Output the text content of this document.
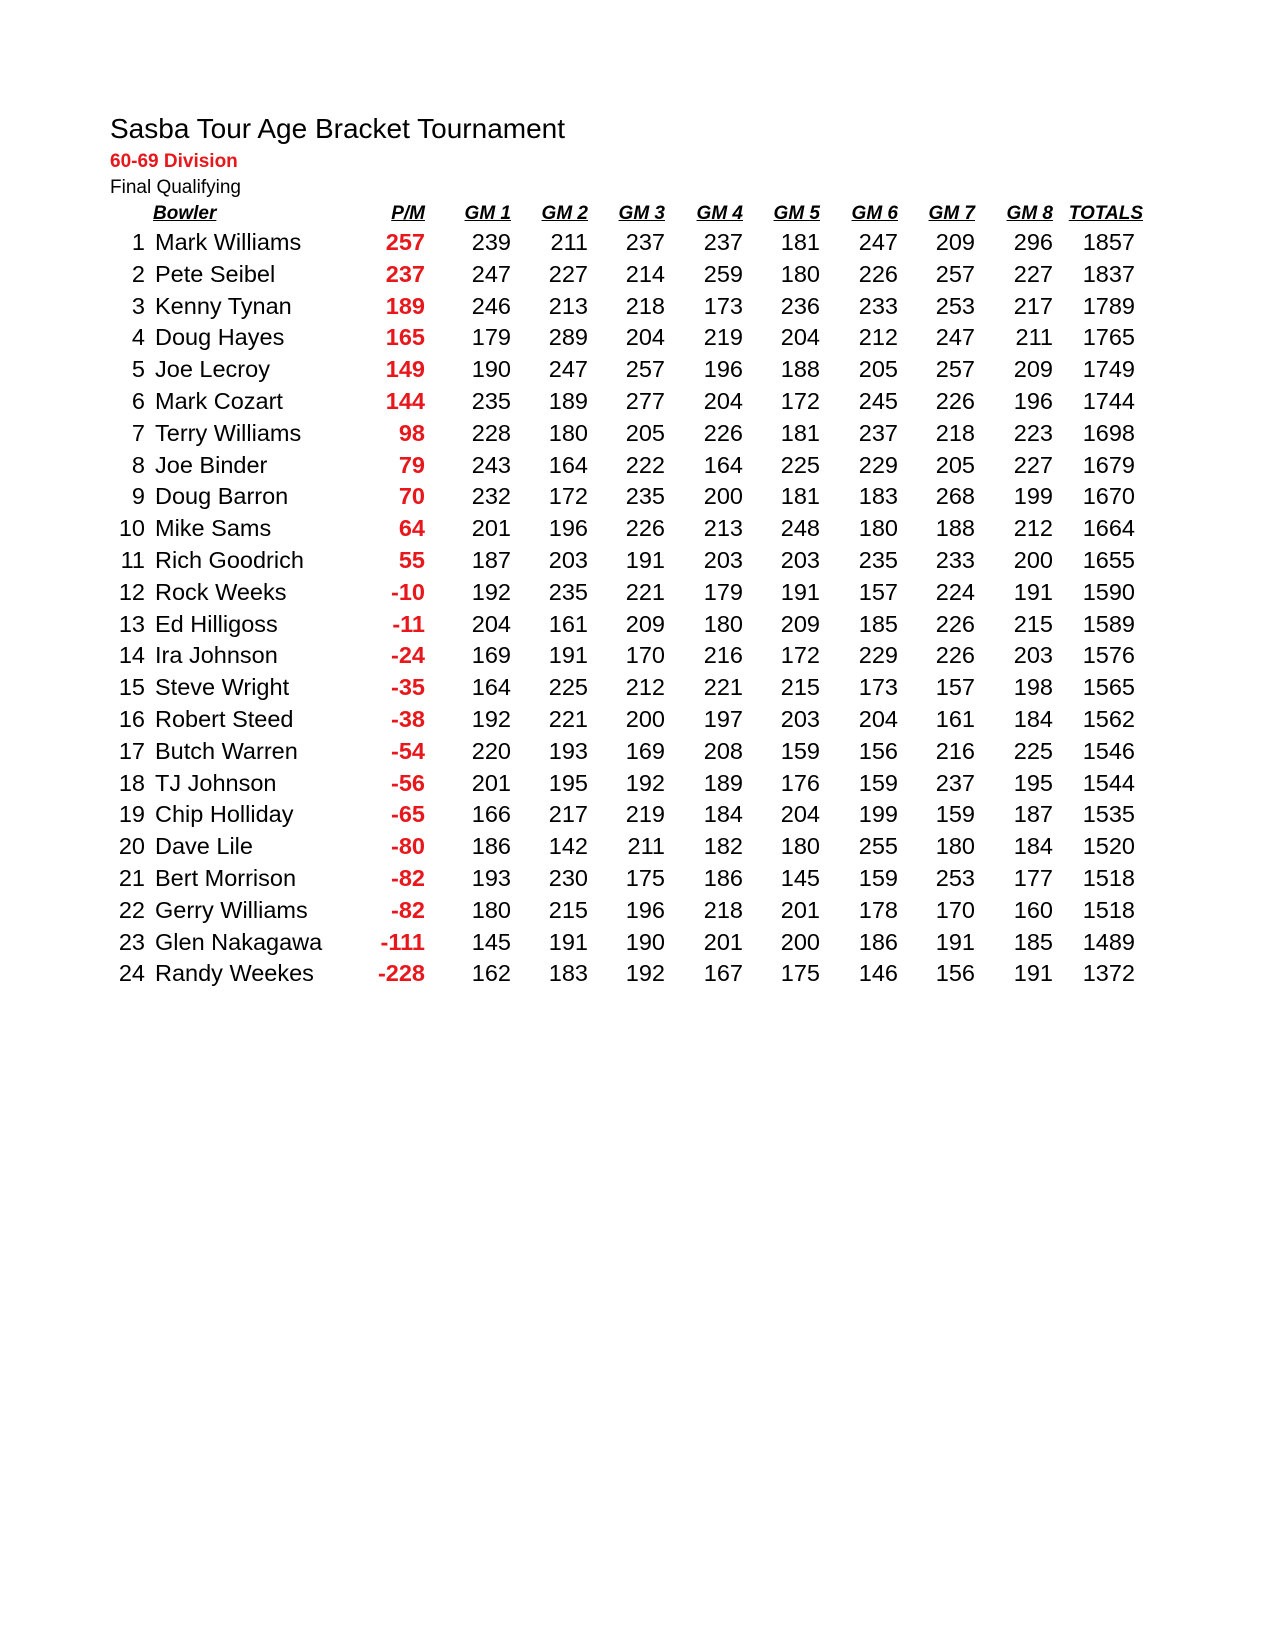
Sasba Tour Age Bracket Tournament
60-69 Division
Final Qualifying
Bowler	P/M GM 1 GM 2 GM 3 GM 4 GM 5 GM 6 GM 7 GM 8 TOTALS
1 Mark Williams	257 239 211 237 237 181 247 209 296 1857
2 Pete Seibel	237 247 227 214 259 180 226 257 227 1837
3 Kenny Tynan	189 246 213 218 173 236 233 253 217 1789
4 Doug Hayes	165 179 289 204 219 204 212 247 211 1765
5 Joe Lecroy	149 190 247 257 196 188 205 257 209 1749
6 Mark Cozart	144 235 189 277 204 172 245 226 196 1744
7 Terry Williams	98 228 180 205 226 181 237 218 223 1698
8 Joe Binder	79 243 164 222 164 225 229 205 227 1679
9 Doug Barron	70 232 172 235 200 181 183 268 199 1670
10 Mike Sams	64 201 196 226 213 248 180 188 212 1664
11 Rich Goodrich	55 187 203 191 203 203 235 233 200 1655
12 Rock Weeks	-10 192 235 221 179 191 157 224 191 1590
13 Ed Hilligoss	-11 204 161 209 180 209 185 226 215 1589
14 Ira Johnson	-24 169 191 170 216 172 229 226 203 1576
15 Steve Wright	-35 164 225 212 221 215 173 157 198 1565
16 Robert Steed	-38 192 221 200 197 203 204 161 184 1562
17 Butch Warren	-54 220 193 169 208 159 156 216 225 1546
18 TJ Johnson	-56 201 195 192 189 176 159 237 195 1544
19 Chip Holliday	-65 166 217 219 184 204 199 159 187 1535
20 Dave Lile	-80 186 142 211 182 180 255 180 184 1520
21 Bert Morrison	-82 193 230 175 186 145 159 253 177 1518
22 Gerry Williams	-82 180 215 196 218 201 178 170 160 1518
23 Glen Nakagawa -111 145 191 190 201 200 186 191 185 1489
24 Randy Weekes	-228 162 183 192 167 175 146 156 191 1372
